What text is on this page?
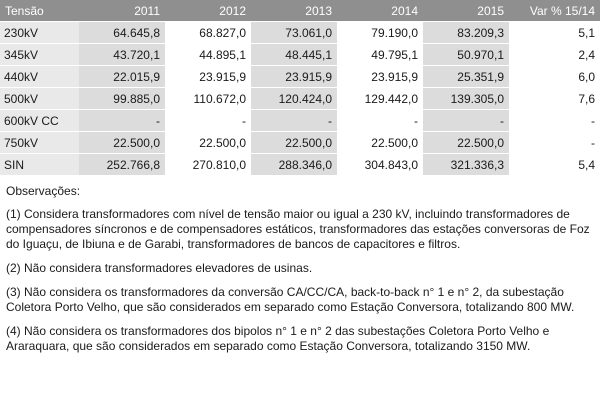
Tensão	2011	2012	2013	2014	2015	Var % 15/14
230kV	64.645,8	68.827,0	73.061,0	79.190,0	83.209,3	5,1
345kV	43.720,1	44.895,1	48.445,1	49.795,1	50.970,1	2,4
440kV	22.015,9	23.915,9	23.915,9	23.915,9	25.351,9	6,0
500kV	99.885,0	110.672,0	120.424,0	129.442,0	139.305,0	7,6
600kV CC	-	-	-	-	-	-
750kV	22.500,0	22.500,0	22.500,0	22.500,0	22.500,0	-
SIN	252.766,8	270.810,0	288.346,0	304.843,0	321.336,3	5,4

Observações:

(1) Considera transformadores com nível de tensão maior ou igual a 230 kV, incluindo transformadores de compensadores síncronos e de compensadores estáticos, transformadores das estações conversoras de Foz do Iguaçu, de Ibiuna e de Garabi, transformadores de bancos de capacitores e filtros.

(2) Não considera transformadores elevadores de usinas.

(3) Não considera os transformadores da conversão CA/CC/CA, back-to-back n° 1 e n° 2, da subestação Coletora Porto Velho, que são considerados em separado como Estação Conversora, totalizando 800 MW.

(4) Não considera os transformadores dos bipolos n° 1 e n° 2 das subestações Coletora Porto Velho e Araraquara, que são considerados em separado como Estação Conversora, totalizando 3150 MW.
